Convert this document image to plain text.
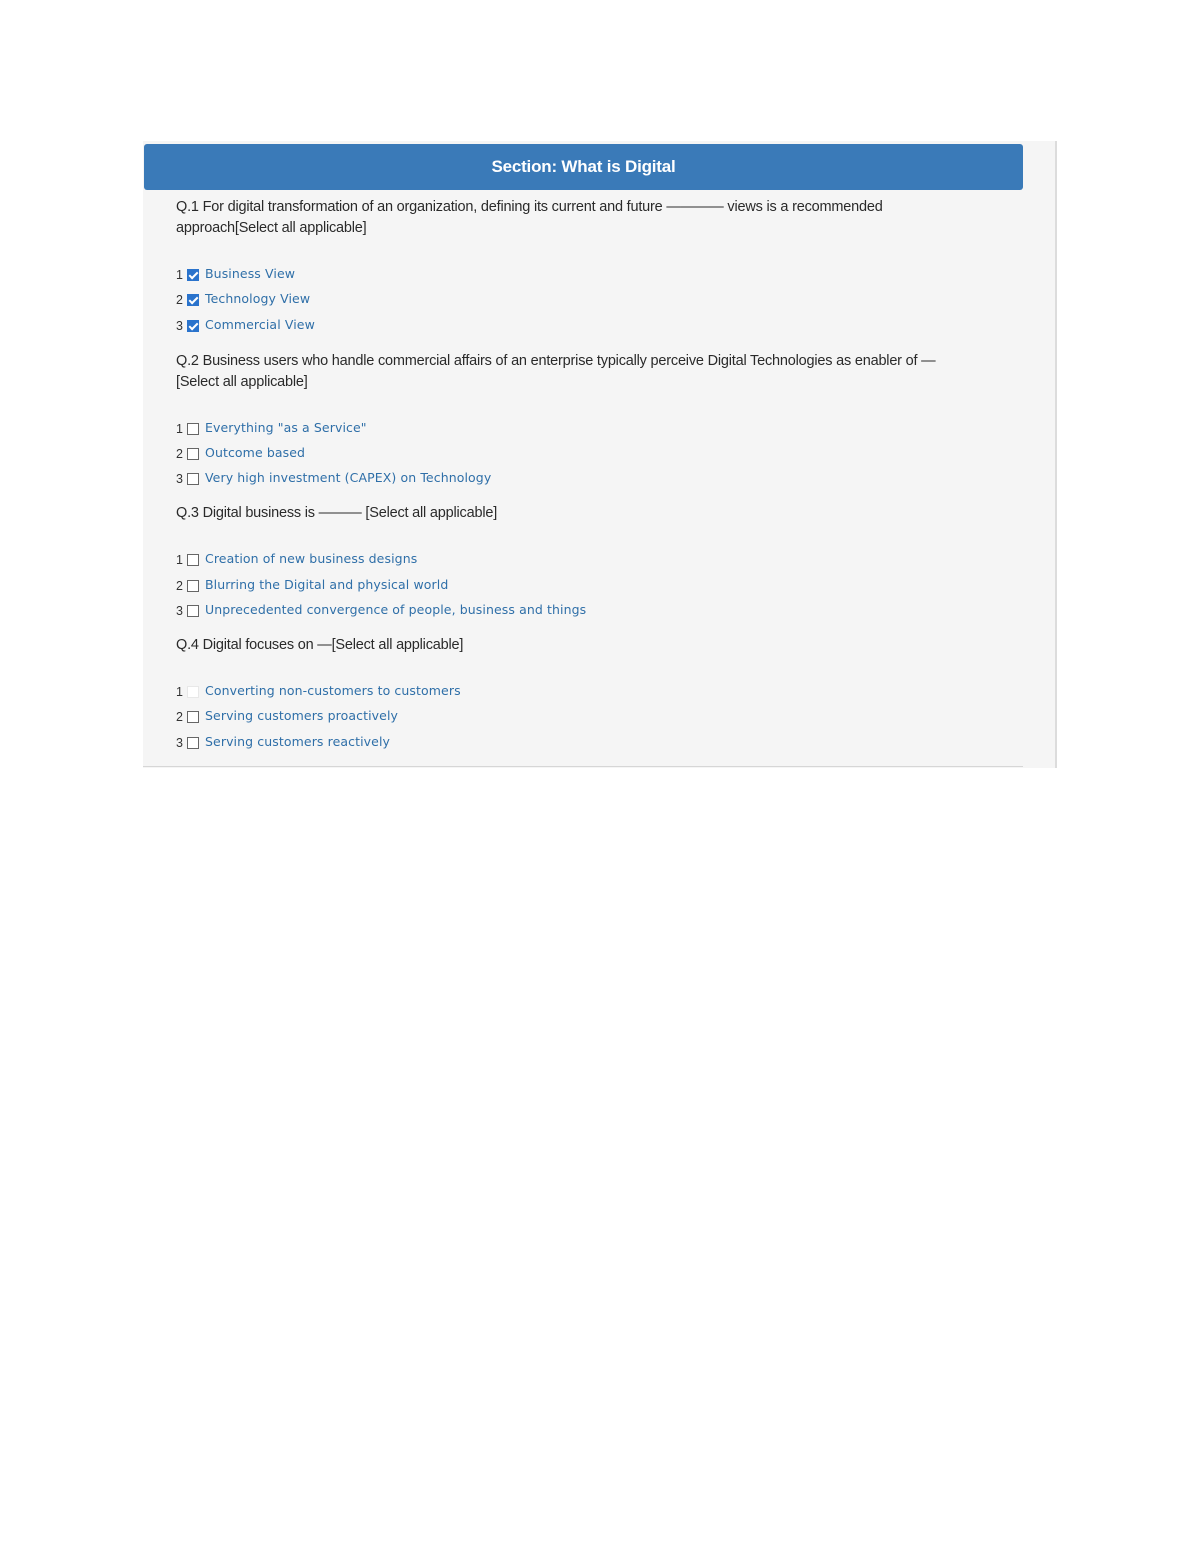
Section: What is Digital
Q.1 For digital transformation of an organization, defining its current and future ———— views is a recommended approach[Select all applicable]
1	Business View
2	Technology View
3	Commercial View
Q.2 Business users who handle commercial affairs of an enterprise typically perceive Digital Technologies as enabler of — [Select all applicable]
1	Everything "as a Service"
2	Outcome based
3	Very high investment (CAPEX) on Technology
Q.3 Digital business is ——— [Select all applicable]
1	Creation of new business designs
2	Blurring the Digital and physical world
3	Unprecedented convergence of people, business and things
Q.4 Digital focuses on —[Select all applicable]
1	Converting non-customers to customers
2	Serving customers proactively
3	Serving customers reactively
